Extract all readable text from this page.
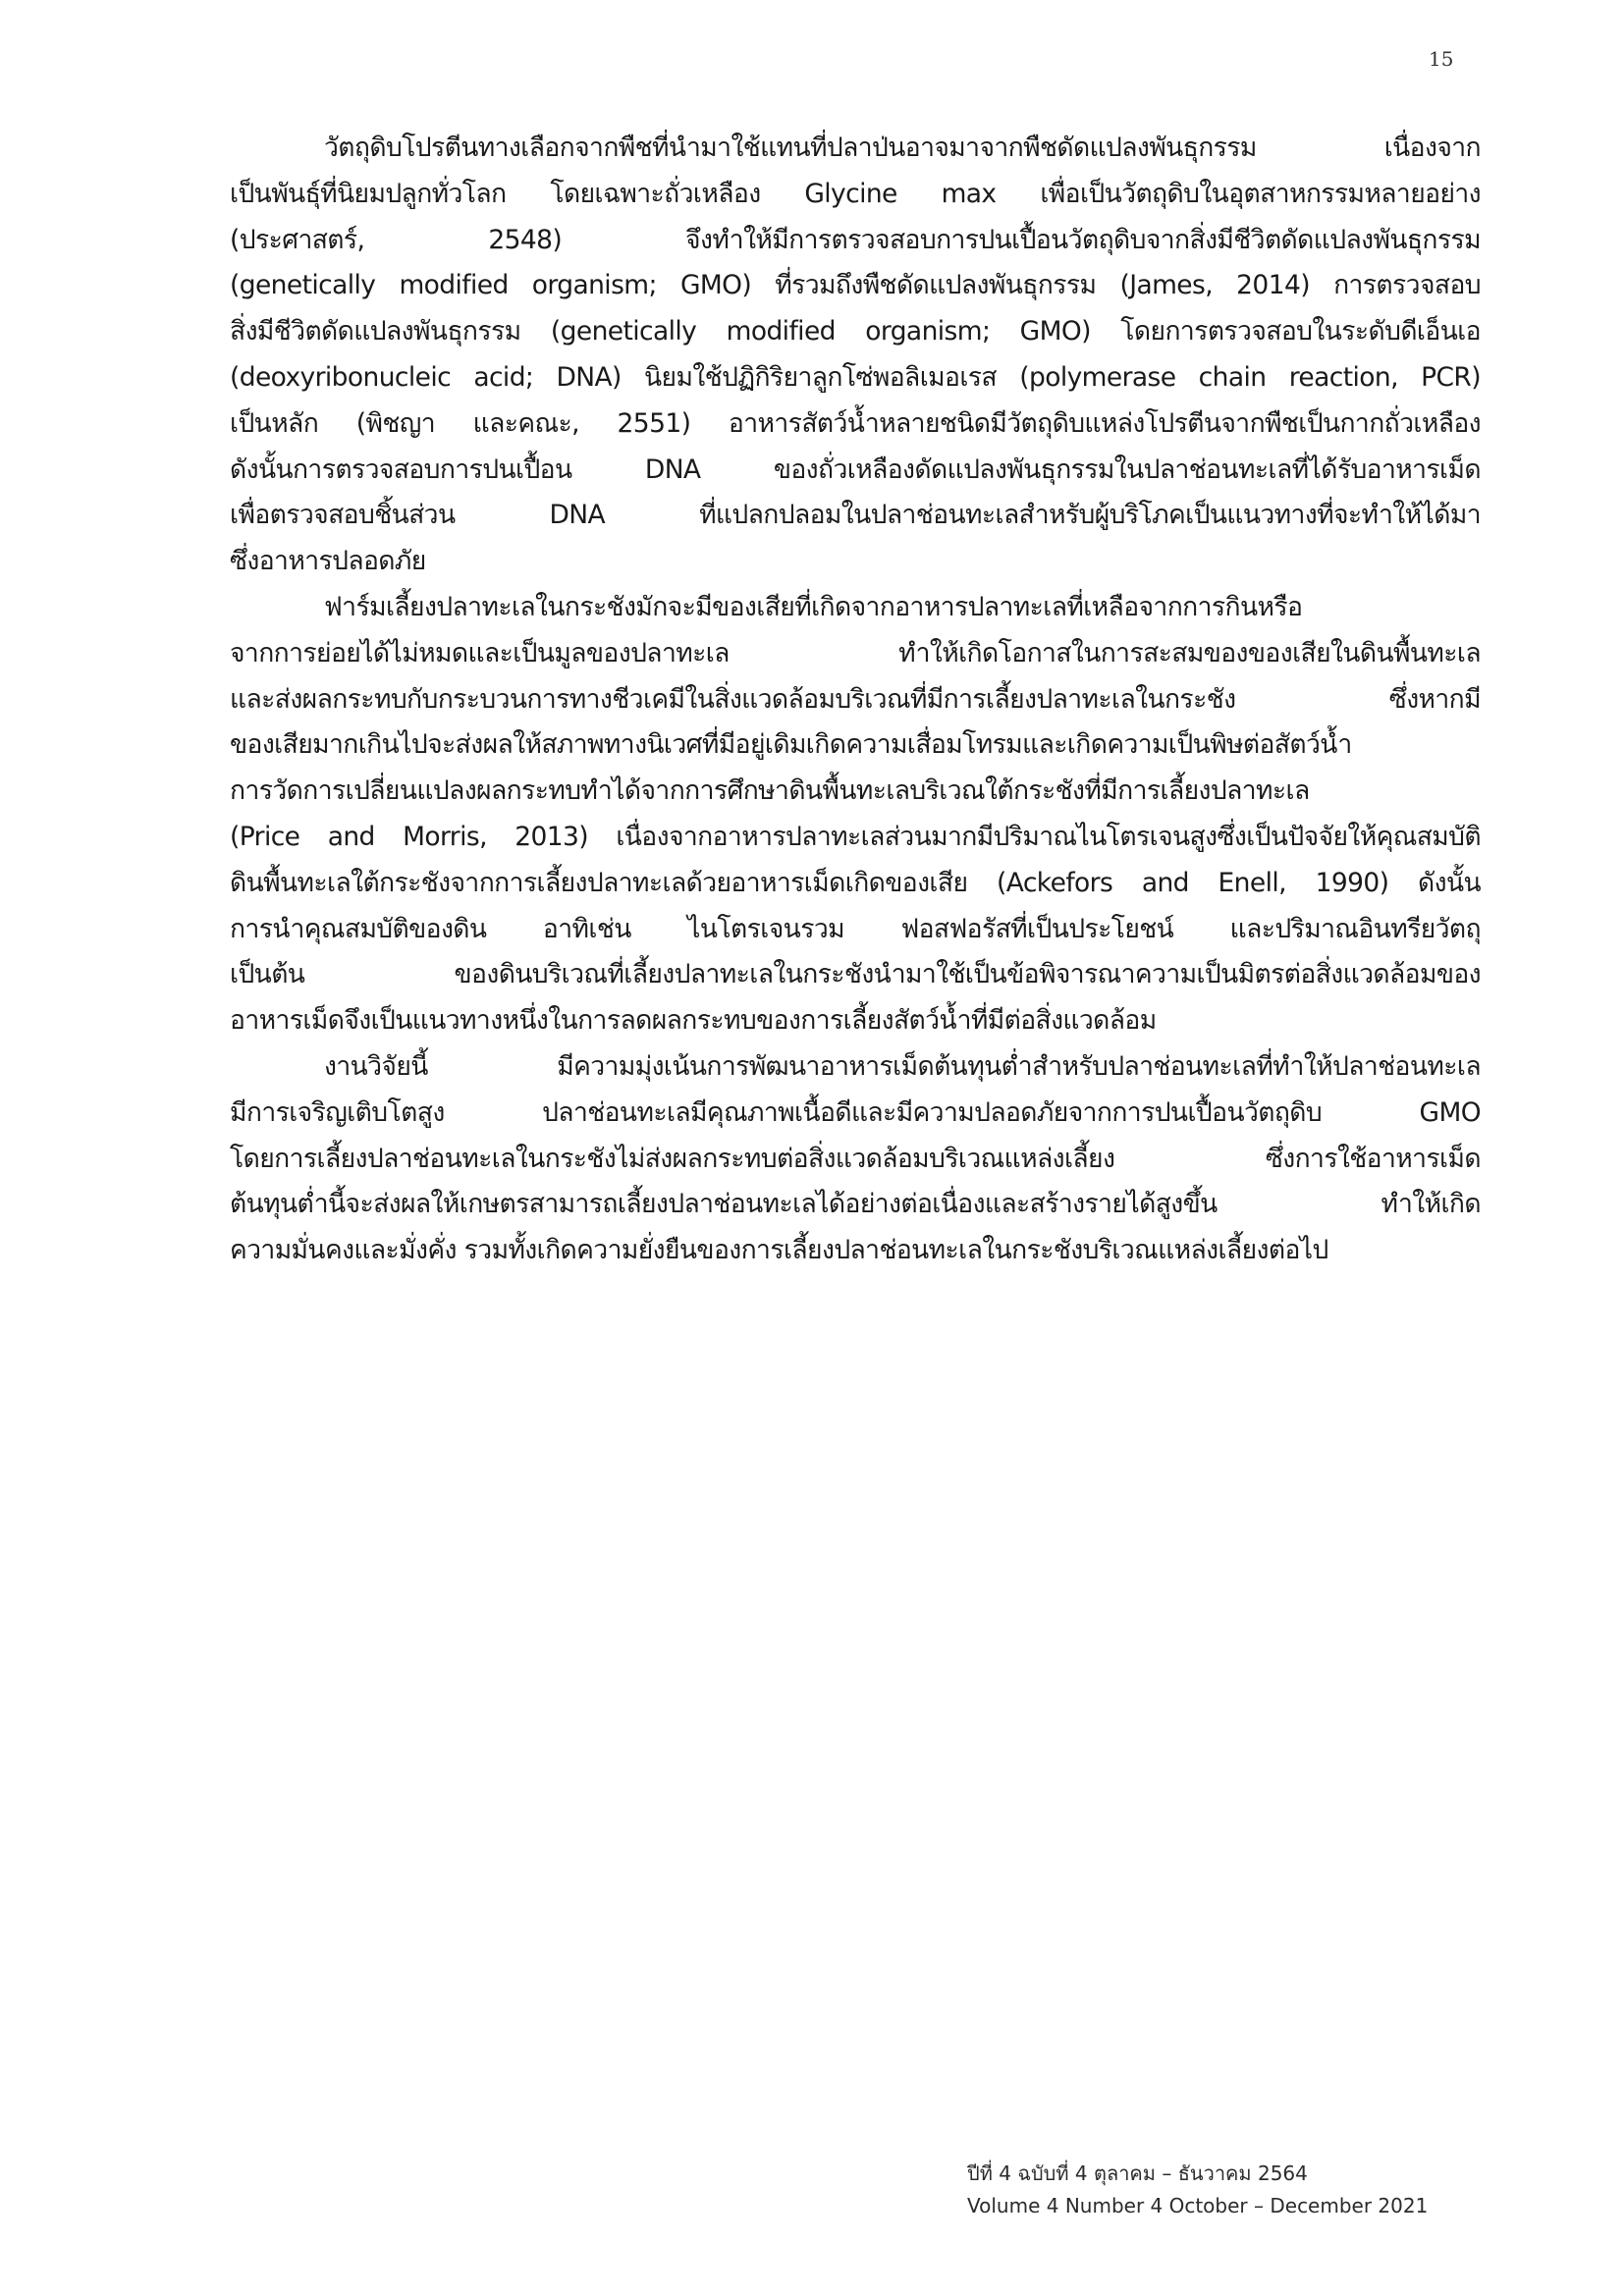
15
วัตถุดิบโปรตีนทางเลือกจากพืชที่นำมาใช้แทนที่ปลาป่นอาจมาจากพืชดัดแปลงพันธุกรรม เนื่องจาก
เป็นพันธุ์ที่นิยมปลูกทั่วโลก โดยเฉพาะถั่วเหลือง Glycine max เพื่อเป็นวัตถุดิบในอุตสาหกรรมหลายอย่าง
(ประศาสตร์, 2548) จึงทำให้มีการตรวจสอบการปนเปื้อนวัตถุดิบจากสิ่งมีชีวิตดัดแปลงพันธุกรรม
(genetically modified organism; GMO) ที่รวมถึงพืชดัดแปลงพันธุกรรม (James, 2014) การตรวจสอบ
สิ่งมีชีวิตดัดแปลงพันธุกรรม (genetically modified organism; GMO) โดยการตรวจสอบในระดับดีเอ็นเอ
(deoxyribonucleic acid; DNA) นิยมใช้ปฏิกิริยาลูกโซ่พอลิเมอเรส (polymerase chain reaction, PCR)
เป็นหลัก (พิชญา และคณะ, 2551) อาหารสัตว์น้ำหลายชนิดมีวัตถุดิบแหล่งโปรตีนจากพืชเป็นกากถั่วเหลือง
ดังนั้นการตรวจสอบการปนเปื้อน DNA ของถั่วเหลืองดัดแปลงพันธุกรรมในปลาช่อนทะเลที่ได้รับอาหารเม็ด
เพื่อตรวจสอบชิ้นส่วน DNA ที่แปลกปลอมในปลาช่อนทะเลสำหรับผู้บริโภคเป็นแนวทางที่จะทำให้ได้มา
ซึ่งอาหารปลอดภัย
ฟาร์มเลี้ยงปลาทะเลในกระชังมักจะมีของเสียที่เกิดจากอาหารปลาทะเลที่เหลือจากการกินหรือ
จากการย่อยได้ไม่หมดและเป็นมูลของปลาทะเล ทำให้เกิดโอกาสในการสะสมของของเสียในดินพื้นทะเล
และส่งผลกระทบกับกระบวนการทางชีวเคมีในสิ่งแวดล้อมบริเวณที่มีการเลี้ยงปลาทะเลในกระชัง ซึ่งหากมี
ของเสียมากเกินไปจะส่งผลให้สภาพทางนิเวศที่มีอยู่เดิมเกิดความเสื่อมโทรมและเกิดความเป็นพิษต่อสัตว์น้ำ
การวัดการเปลี่ยนแปลงผลกระทบทำได้จากการศึกษาดินพื้นทะเลบริเวณใต้กระชังที่มีการเลี้ยงปลาทะเล
(Price and Morris, 2013) เนื่องจากอาหารปลาทะเลส่วนมากมีปริมาณไนโตรเจนสูงซึ่งเป็นปัจจัยให้คุณสมบัติ
ดินพื้นทะเลใต้กระชังจากการเลี้ยงปลาทะเลด้วยอาหารเม็ดเกิดของเสีย (Ackefors and Enell, 1990) ดังนั้น
การนำคุณสมบัติของดิน อาทิเช่น ไนโตรเจนรวม ฟอสฟอรัสที่เป็นประโยชน์ และปริมาณอินทรียวัตถุ
เป็นต้น ของดินบริเวณที่เลี้ยงปลาทะเลในกระชังนำมาใช้เป็นข้อพิจารณาความเป็นมิตรต่อสิ่งแวดล้อมของ
อาหารเม็ดจึงเป็นแนวทางหนึ่งในการลดผลกระทบของการเลี้ยงสัตว์น้ำที่มีต่อสิ่งแวดล้อม
งานวิจัยนี้ มีความมุ่งเน้นการพัฒนาอาหารเม็ดต้นทุนต่ำสำหรับปลาช่อนทะเลที่ทำให้ปลาช่อนทะเล
มีการเจริญเติบโตสูง ปลาช่อนทะเลมีคุณภาพเนื้อดีและมีความปลอดภัยจากการปนเปื้อนวัตถุดิบ GMO
โดยการเลี้ยงปลาช่อนทะเลในกระชังไม่ส่งผลกระทบต่อสิ่งแวดล้อมบริเวณแหล่งเลี้ยง ซึ่งการใช้อาหารเม็ด
ต้นทุนต่ำนี้จะส่งผลให้เกษตรสามารถเลี้ยงปลาช่อนทะเลได้อย่างต่อเนื่องและสร้างรายได้สูงขึ้น ทำให้เกิด
ความมั่นคงและมั่งคั่ง รวมทั้งเกิดความยั่งยืนของการเลี้ยงปลาช่อนทะเลในกระชังบริเวณแหล่งเลี้ยงต่อไป
ปีที่ 4 ฉบับที่ 4 ตุลาคม – ธันวาคม 2564
Volume 4 Number 4 October – December 2021
